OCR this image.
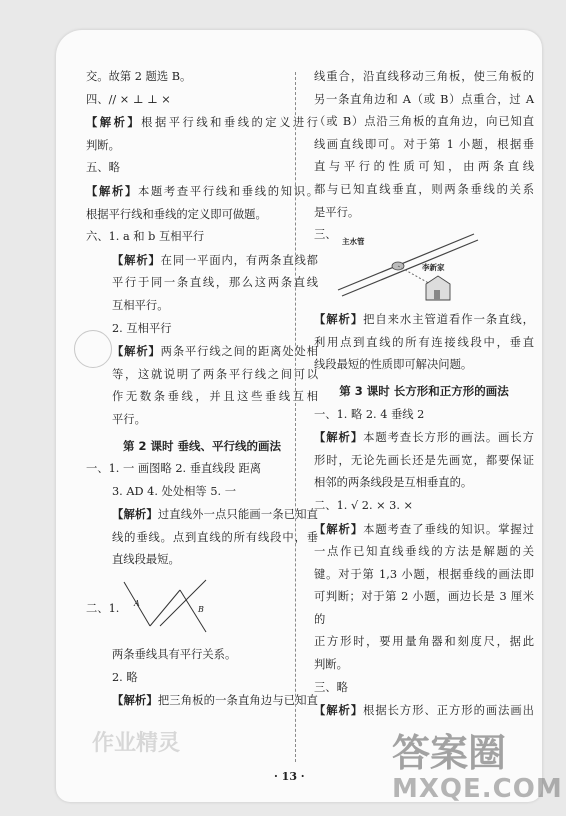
交。故第 2 题选 B。

四、// × ⊥ ⊥ ×

【解析】根据平行线和垂线的定义进行

判断。

五、略

【解析】本题考查平行线和垂线的知识。

根据平行线和垂线的定义即可做题。

六、1. a 和 b 互相平行

【解析】在同一平面内，有两条直线都

平行于同一条直线，那么这两条直线

互相平行。

2. 互相平行

【解析】两条平行线之间的距离处处相

等，这就说明了两条平行线之间可以

作无数条垂线，并且这些垂线互相

平行。

第 2 课时 垂线、平行线的画法

一、1. 一 画图略 2. 垂直线段 距离

3. AD 4. 处处相等 5. 一

【解析】过直线外一点只能画一条已知直

线的垂线。点到直线的所有线段中，垂

直线段最短。

二、1. A
B

两条垂线具有平行关系。

2. 略

【解析】把三角板的一条直角边与已知直

线重合，沿直线移动三角板，使三角板的

另一条直角边和 A（或 B）点重合，过 A

（或 B）点沿三角板的直角边，向已知直

线画直线即可。对于第 1 小题，根据垂

直与平行的性质可知，由两条直线

都与已知直线垂直，则两条垂线的关系

是平行。

三、
主水管
李新家

【解析】把自来水主管道看作一条直线，

利用点到直线的所有连接线段中，垂直

线段最短的性质即可解决问题。

第 3 课时 长方形和正方形的画法

一、1. 略 2. 4 垂线 2

【解析】本题考查长方形的画法。画长方

形时，无论先画长还是先画宽，都要保证

相邻的两条线段是互相垂直的。

二、1. √ 2. × 3. ×

【解析】本题考查了垂线的知识。掌握过

一点作已知直线垂线的方法是解题的关

键。对于第 1,3 小题，根据垂线的画法即

可判断；对于第 2 小题，画边长是 3 厘米的

正方形时，要用量角器和刻度尺，据此

判断。

三、略

【解析】根据长方形、正方形的画法画出

· 13 ·
作业精灵	答案圈
MXQE.COM
